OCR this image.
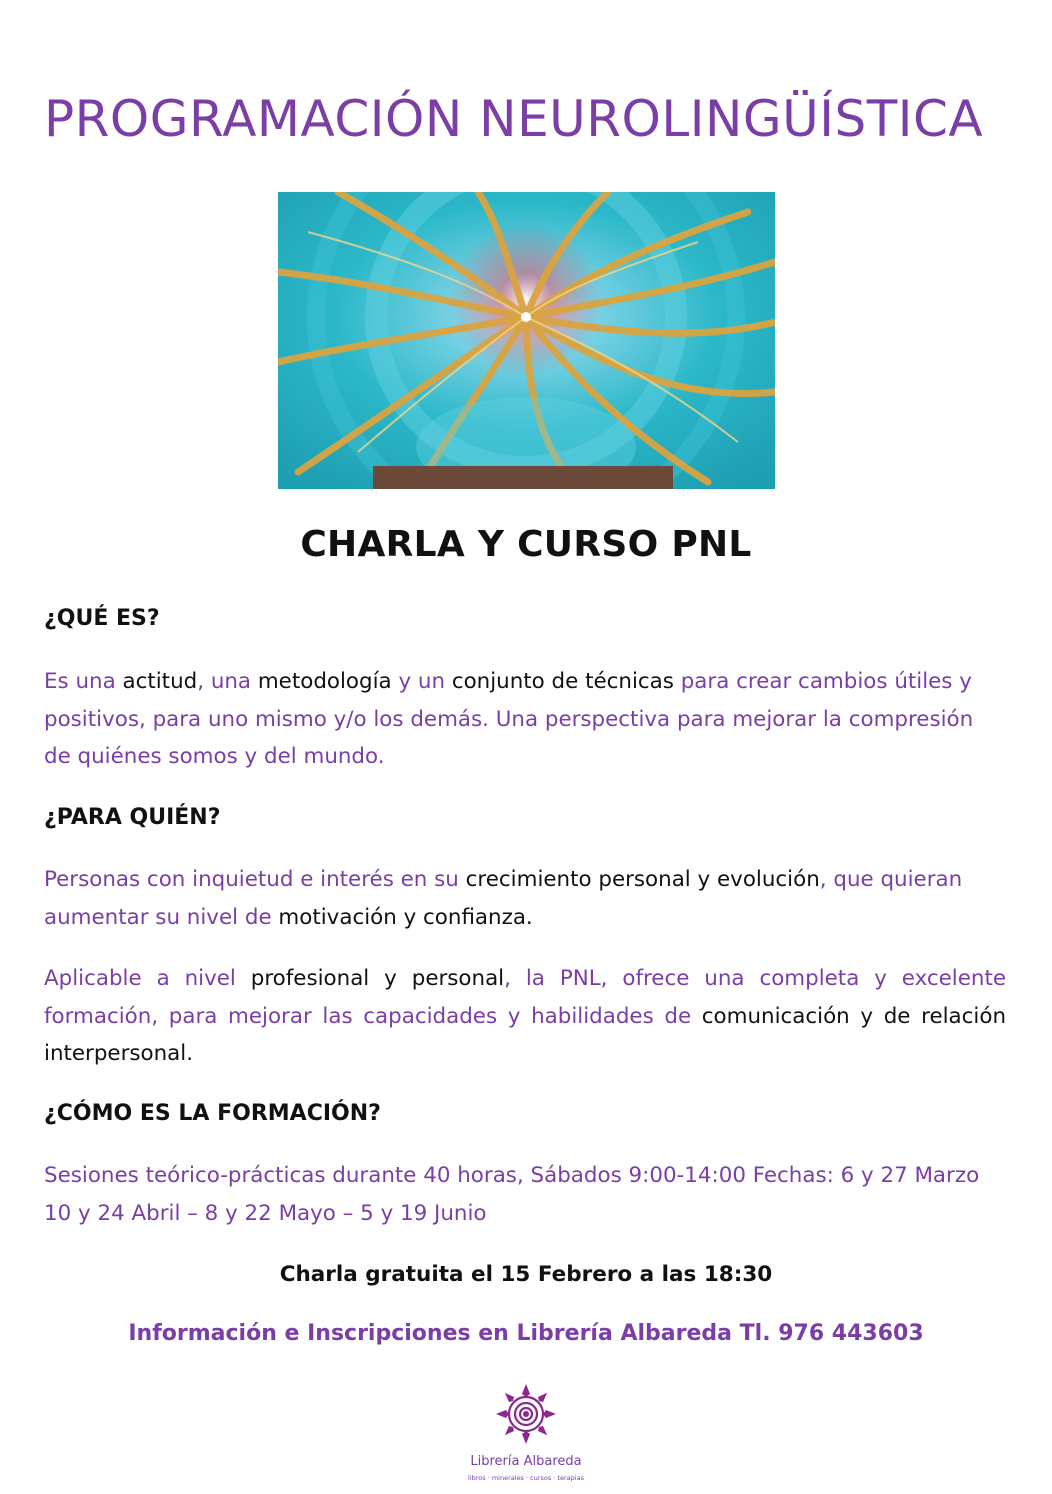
PROGRAMACIÓN NEUROLINGÜÍSTICA
CHARLA Y CURSO PNL
¿QUÉ ES?

Es una actitud, una metodología y un conjunto de técnicas para crear cambios útiles y positivos, para uno mismo y/o los demás. Una perspectiva para mejorar la compresión de quiénes somos y del mundo.

¿PARA QUIÉN?

Personas con inquietud e interés en su crecimiento personal y evolución, que quieran aumentar su nivel de motivación y confianza.

Aplicable a nivel profesional y personal, la PNL, ofrece una completa y excelente formación, para mejorar las capacidades y habilidades de comunicación y de relación interpersonal.

¿CÓMO ES LA FORMACIÓN?

Sesiones teórico-prácticas durante 40 horas, Sábados 9:00-14:00 Fechas: 6 y 27 Marzo 10 y 24 Abril – 8 y 22 Mayo – 5 y 19 Junio

Charla gratuita el 15 Febrero a las 18:30

Información e Inscripciones en Librería Albareda Tl. 976 443603

Librería Albareda
libros · minerales · cursos · terapias
